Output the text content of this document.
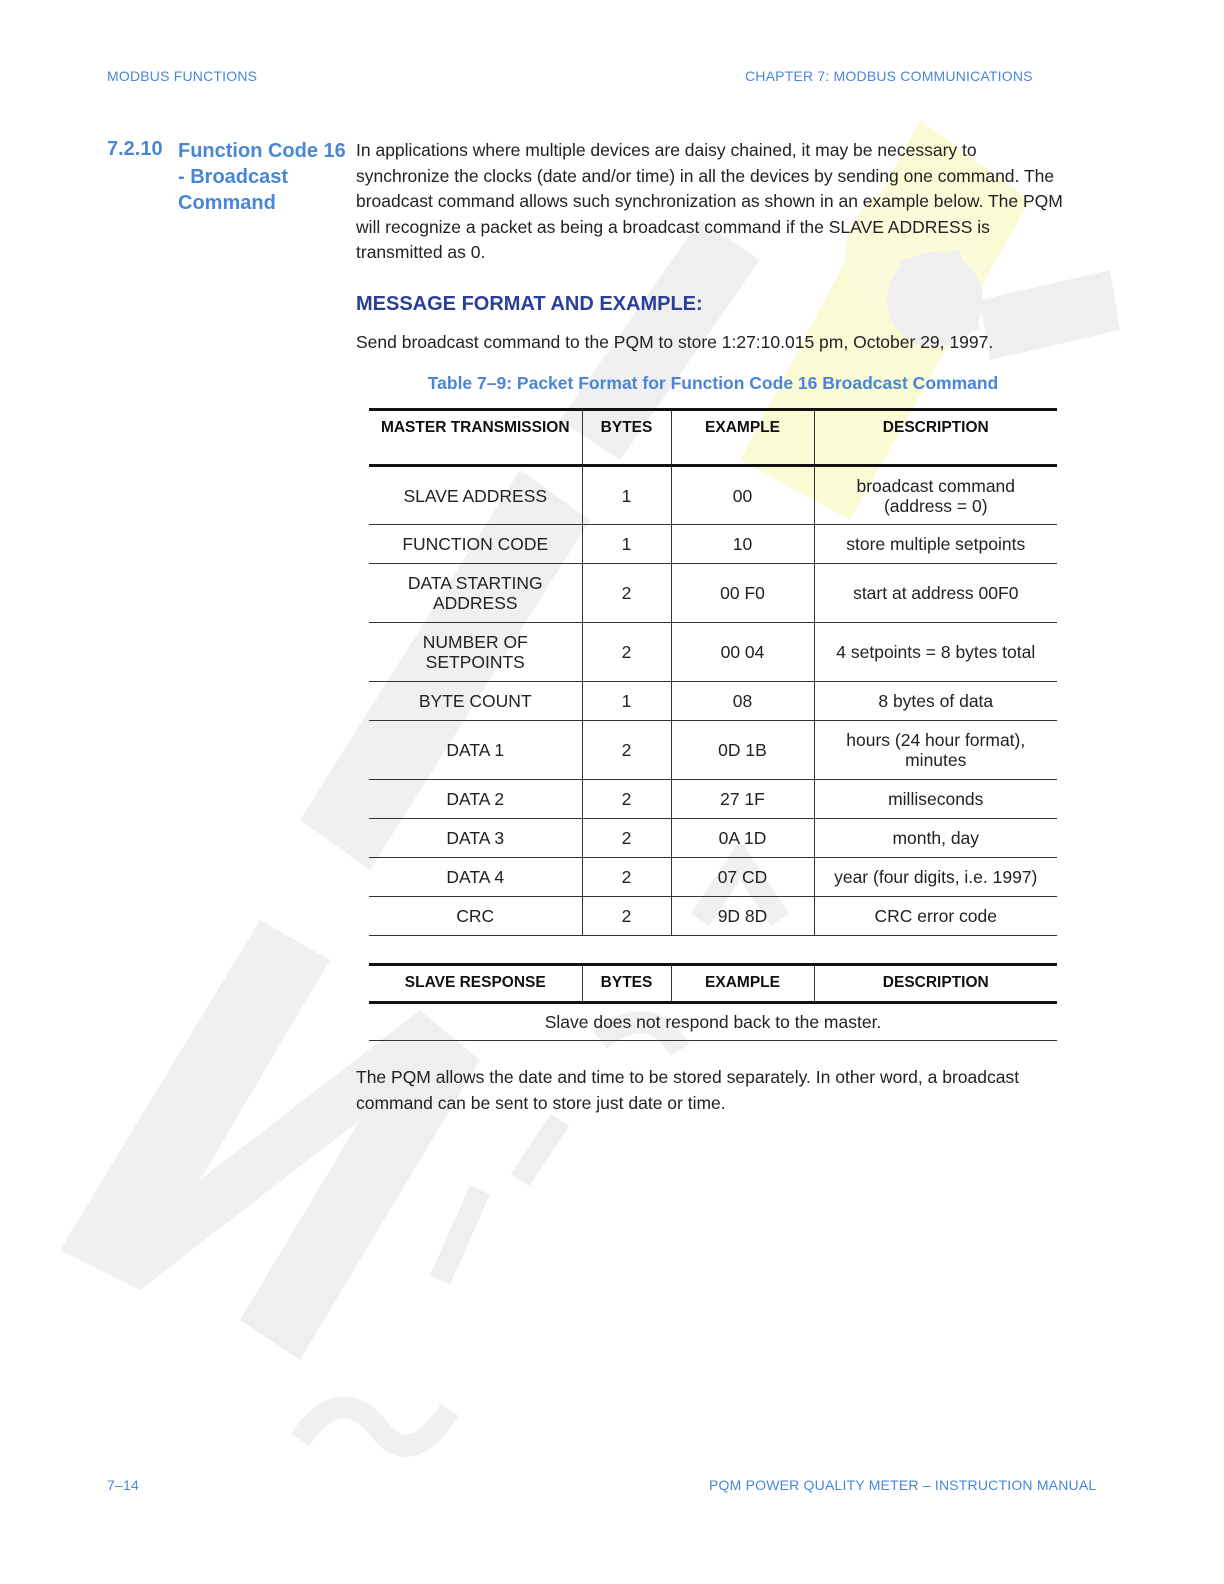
MODBUS FUNCTIONS	CHAPTER 7: MODBUS COMMUNICATIONS
7.2.10 Function Code 16 - Broadcast Command
In applications where multiple devices are daisy chained, it may be necessary to synchronize the clocks (date and/or time) in all the devices by sending one command. The broadcast command allows such synchronization as shown in an example below. The PQM will recognize a packet as being a broadcast command if the SLAVE ADDRESS is transmitted as 0.
MESSAGE FORMAT AND EXAMPLE:
Send broadcast command to the PQM to store 1:27:10.015 pm, October 29, 1997.
Table 7–9: Packet Format for Function Code 16 Broadcast Command
MASTER TRANSMISSION	BYTES	EXAMPLE	DESCRIPTION
SLAVE ADDRESS	1	00	broadcast command (address = 0)
FUNCTION CODE	1	10	store multiple setpoints
DATA STARTING ADDRESS	2	00 F0	start at address 00F0
NUMBER OF SETPOINTS	2	00 04	4 setpoints = 8 bytes total
BYTE COUNT	1	08	8 bytes of data
DATA 1	2	0D 1B	hours (24 hour format), minutes
DATA 2	2	27 1F	milliseconds
DATA 3	2	0A 1D	month, day
DATA 4	2	07 CD	year (four digits, i.e. 1997)
CRC	2	9D 8D	CRC error code
SLAVE RESPONSE	BYTES	EXAMPLE	DESCRIPTION
Slave does not respond back to the master.
The PQM allows the date and time to be stored separately. In other word, a broadcast command can be sent to store just date or time.
7–14	PQM POWER QUALITY METER – INSTRUCTION MANUAL
